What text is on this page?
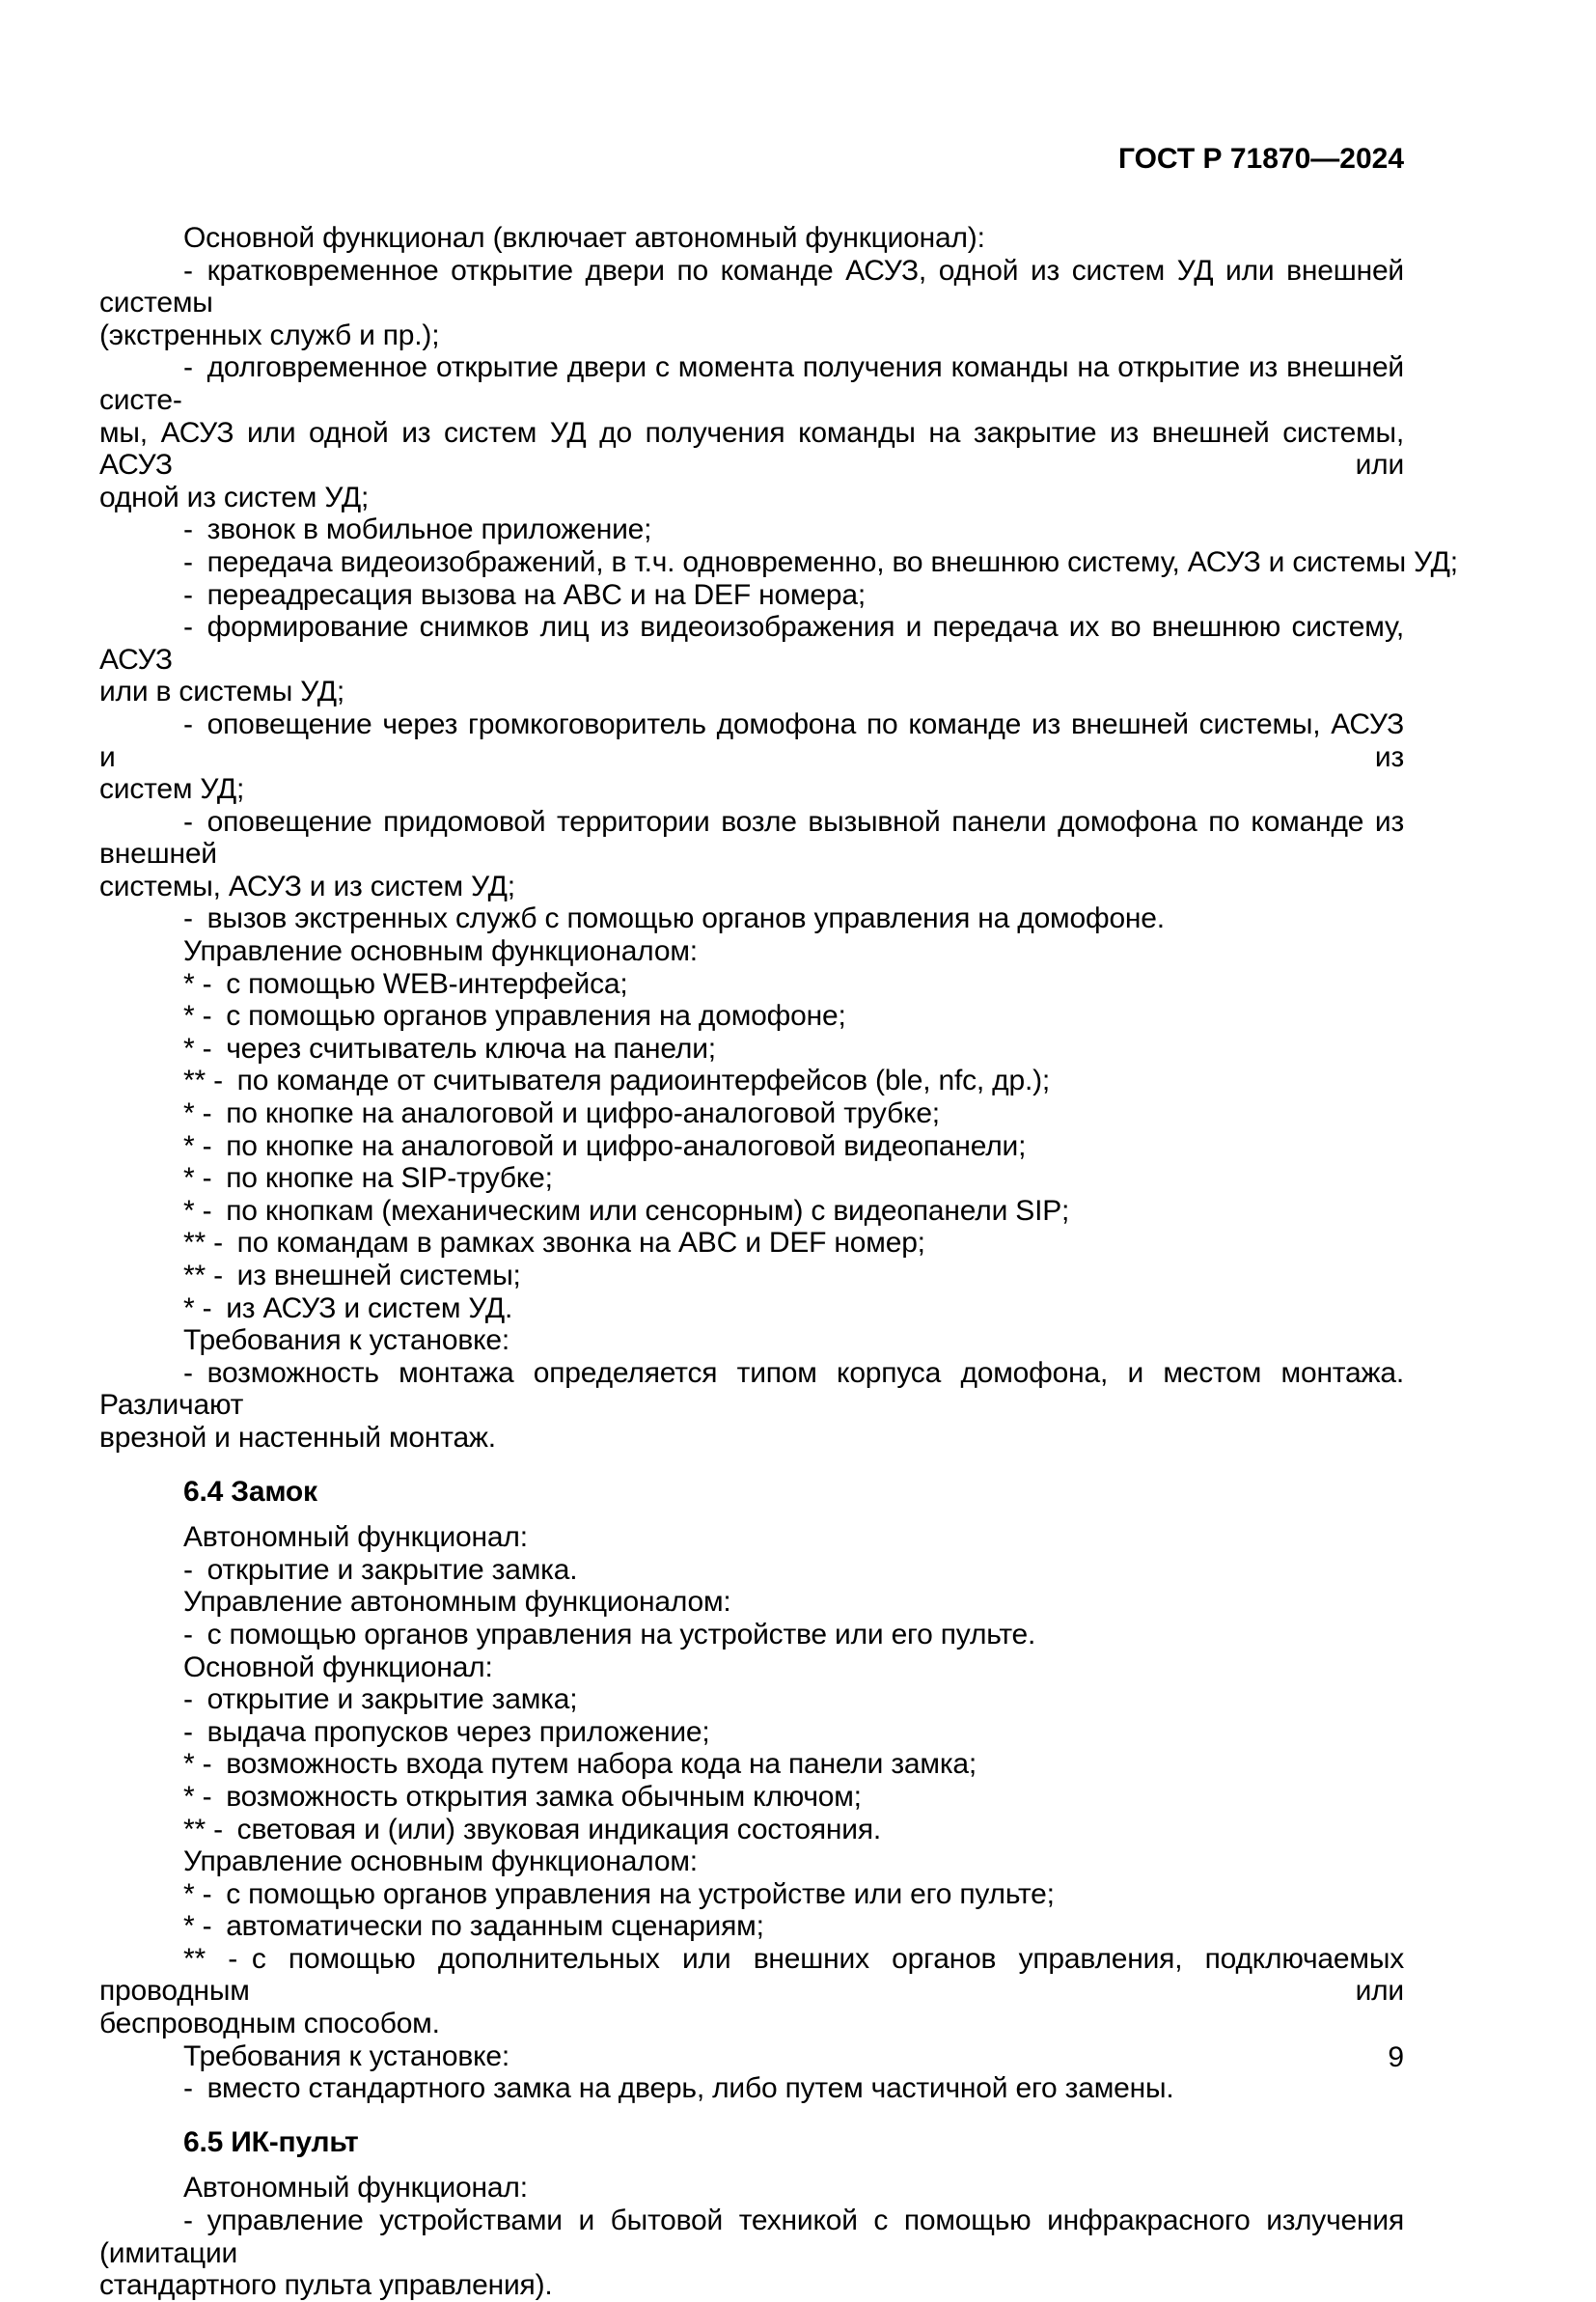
ГОСТ Р 71870—2024
Основной функционал (включает автономный функционал):
- кратковременное открытие двери по команде АСУЗ, одной из систем УД или внешней системы
(экстренных служб и пр.);
- долговременное открытие двери с момента получения команды на открытие из внешней систе-
мы, АСУЗ или одной из систем УД до получения команды на закрытие из внешней системы, АСУЗ или
одной из систем УД;
- звонок в мобильное приложение;
- передача видеоизображений, в т.ч. одновременно, во внешнюю систему, АСУЗ и системы УД;
- переадресация вызова на ABC и на DEF номера;
- формирование снимков лиц из видеоизображения и передача их во внешнюю систему, АСУЗ
или в системы УД;
- оповещение через громкоговоритель домофона по команде из внешней системы, АСУЗ и из
систем УД;
- оповещение придомовой территории возле вызывной панели домофона по команде из внешней
системы, АСУЗ и из систем УД;
- вызов экстренных служб с помощью органов управления на домофоне.
Управление основным функционалом:
* - с помощью WEB-интерфейса;
* - с помощью органов управления на домофоне;
* - через считыватель ключа на панели;
** - по команде от считывателя радиоинтерфейсов (ble, nfc, др.);
* - по кнопке на аналоговой и цифро-аналоговой трубке;
* - по кнопке на аналоговой и цифро-аналоговой видеопанели;
* - по кнопке на SIP-трубке;
* - по кнопкам (механическим или сенсорным) с видеопанели SIP;
** - по командам в рамках звонка на ABC и DEF номер;
** - из внешней системы;
* - из АСУЗ и систем УД.
Требования к установке:
- возможность монтажа определяется типом корпуса домофона, и местом монтажа. Различают
врезной и настенный монтаж.
6.4 Замок
Автономный функционал:
- открытие и закрытие замка.
Управление автономным функционалом:
- с помощью органов управления на устройстве или его пульте.
Основной функционал:
- открытие и закрытие замка;
- выдача пропусков через приложение;
* - возможность входа путем набора кода на панели замка;
* - возможность открытия замка обычным ключом;
** - световая и (или) звуковая индикация состояния.
Управление основным функционалом:
* - с помощью органов управления на устройстве или его пульте;
* - автоматически по заданным сценариям;
** - с помощью дополнительных или внешних органов управления, подключаемых проводным или
беспроводным способом.
Требования к установке:
- вместо стандартного замка на дверь, либо путем частичной его замены.
6.5 ИК-пульт
Автономный функционал:
- управление устройствами и бытовой техникой с помощью инфракрасного излучения (имитации
стандартного пульта управления).
9
